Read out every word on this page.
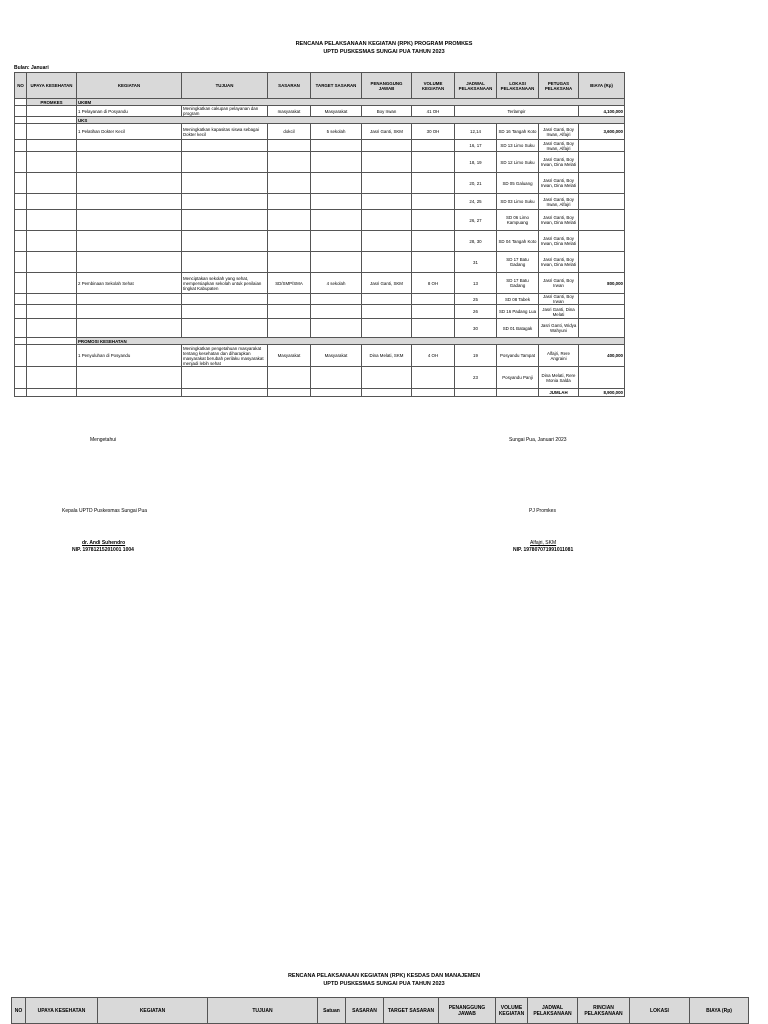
RENCANA PELAKSANAAN KEGIATAN (RPK) PROGRAM PROMKES
UPTD PUSKESMAS SUNGAI PUA TAHUN 2023
Bulan: Januari
NO	UPAYA KESEHATAN	KEGIATAN	TUJUAN	SASARAN	TARGET SASARAN	PENANGGUNG JAWAB	VOLUME KEGIATAN	JADWAL PELAKSANAAN	LOKASI PELAKSANAAN	PETUGAS PELAKSANA	BIAYA (Rp)
	PROMKES	UKBM									
		1 Pelayanan di Posyandu	Meningkatkan cakupan pelayanan dan program	masyarakat	Masyarakat	Boy Irwan	41 OH	Terlampir			4,100,000
		UKS									
		1 Pelatihan Dokter Kecil	Meningkatkan kapasitas siswa sebagai Dokter kecil	dokcil	5 sekolah	Jasri Ganti, SKM	30 OH	12,14	SD 16 Tangah Koto	Jasri Ganti, Boy Irwan, Alfajri	3,600,000
								16, 17	SD 13 Limo Suku	Jasri Ganti, Boy Irwan, Alfajri	
								18, 19	SD 12 Limo Suku	Jasri Ganti, Boy Irwan, Dina Melati	
								20, 21	SD 05 Galuang	Jasri Ganti, Boy Irwan, Dina Melati	
								24, 25	SD 03 Limo Suku	Jasri Ganti, Boy Irwan, Alfajri	
								26, 27	SD 06 Limo Kampuang	Jasri Ganti, Boy Irwan, Dina Melati	
								28, 30	SD 04 Tangah Koto	Jasri Ganti, Boy Irwan, Dina Melati	
								31	SD 17 Batu Gadang	Jasri Ganti, Boy Irwan, Dina Melati	
		2 Pembinaan Sekolah Sehat	Menciptakan sekolah yang sehat, mempersiapkan sekolah untuk penilaian tingkat Kabupaten	SD/SMP/SMA	4 sekolah	Jasri Ganti, SKM	8 OH	13	SD 17 Batu Gadang	Jasri Ganti, Boy Irwan	800,000
								25	SD 08 Tabek	Jasri Ganti, Boy Irwan	
								26	SD 16 Padang Lua	Jasri Ganti, Dina Melati	
								30	SD 01 Batagak	Jasri Ganti, Widya Wahyuni	
		PROMOSI KESEHATAN									
		1 Penyuluhan di Posyandu	Meningkatkan pengetahuan masyarakat tentang kesehatan dan diharapkan masyarakat berubah perilaku masyarakat menjadi lebih sehat	Masyarakat	Masyarakat	Dina Melati, SKM	4 OH	19	Posyandu Tampat	Alfajri, Rere Angraini	400,000
								23	Posyandu Panji	Dina Melati, Rere Monia Salda	
										JUMLAH	8,900,000
Mengetahui	Sungai Pua, Januari 2023
Kepala UPTD Puskesmas Sungai Pua	PJ Promkes
dr. Andi Suhendro
NIP. 19781215201001 1004
Alfajri, SKM
NIP. 197807071991011081
RENCANA PELAKSANAAN KEGIATAN (RPK) KESDAS DAN MANAJEMEN
UPTD PUSKESMAS SUNGAI PUA TAHUN 2023
NO	UPAYA KESEHATAN	KEGIATAN	TUJUAN	Satuan	SASARAN	TARGET SASARAN	PENANGGUNG JAWAB	VOLUME KEGIATAN	JADWAL PELAKSANAAN	RINCIAN PELAKSANAAN	LOKASI	BIAYA (Rp)
